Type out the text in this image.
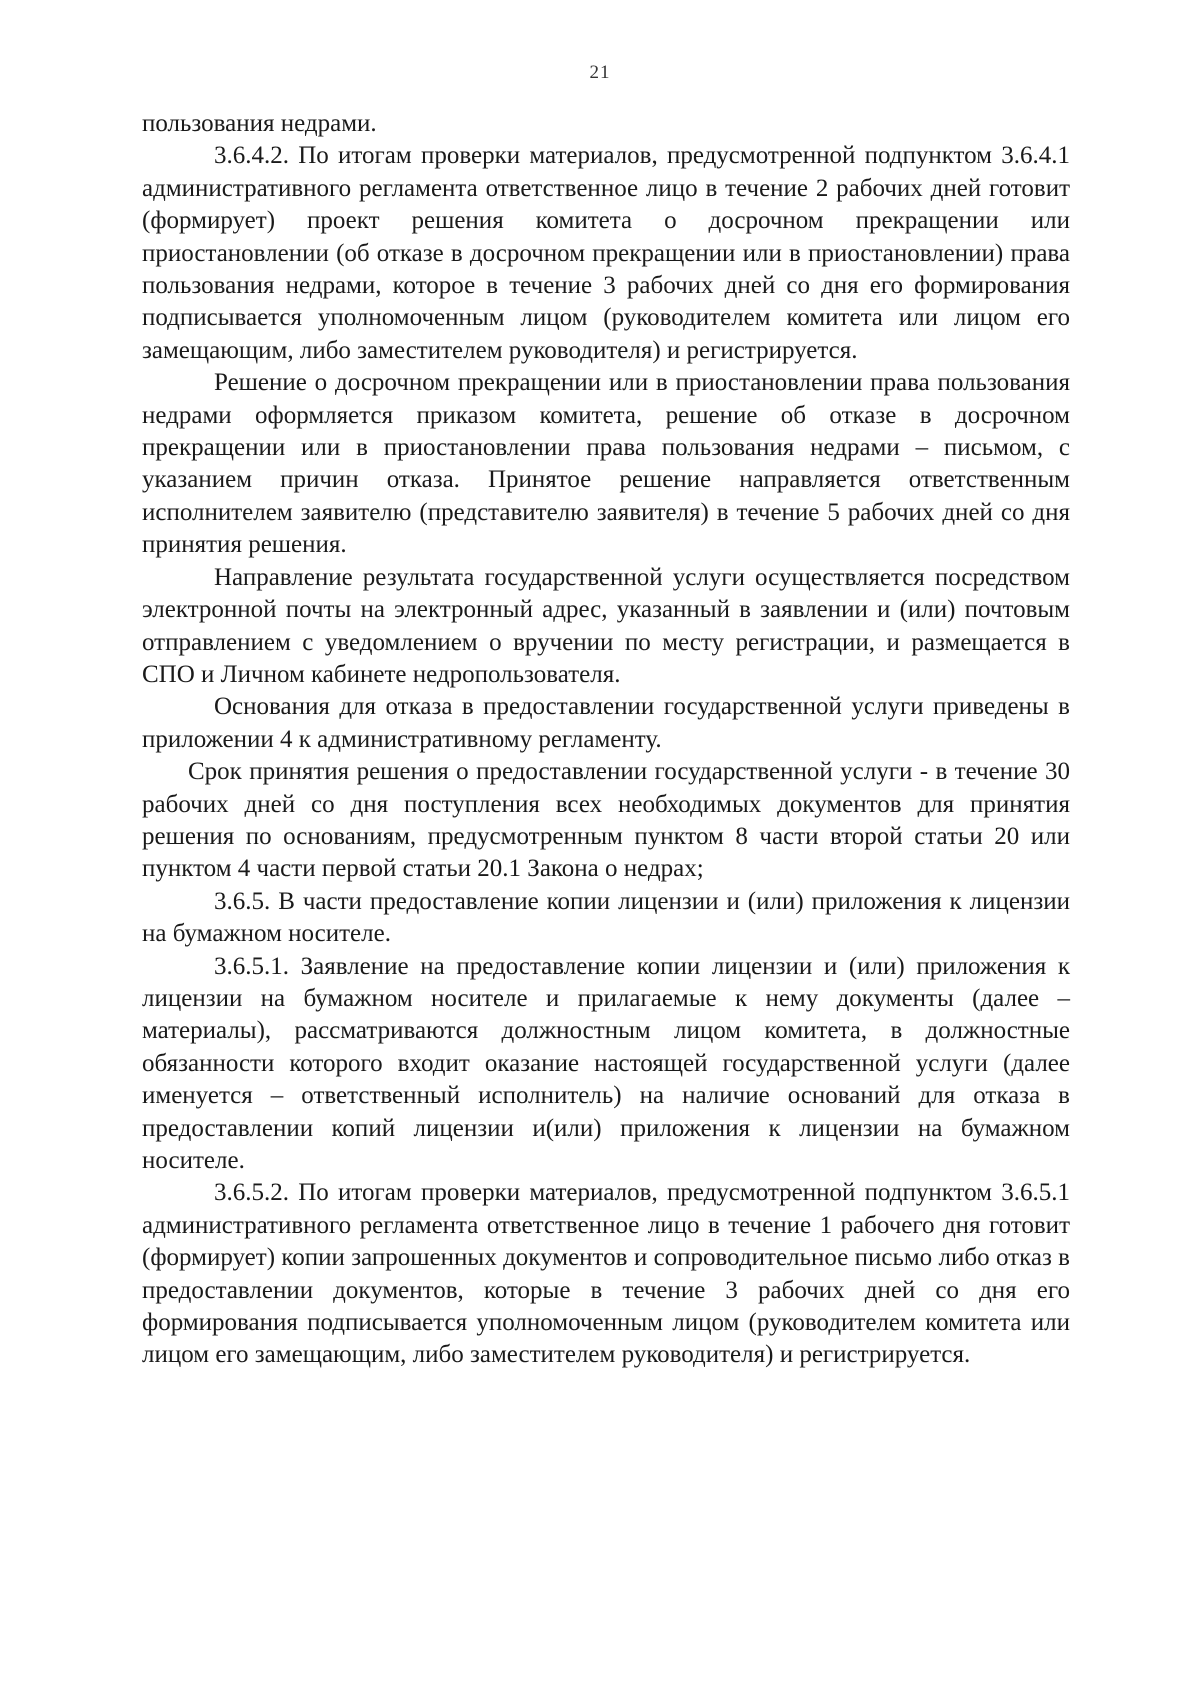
21

пользования недрами.

3.6.4.2. По итогам проверки материалов, предусмотренной подпунктом 3.6.4.1 административного регламента ответственное лицо в течение 2 рабочих дней готовит (формирует) проект решения комитета о досрочном прекращении или приостановлении (об отказе в досрочном прекращении или в приостановлении) права пользования недрами, которое в течение 3 рабочих дней со дня его формирования подписывается уполномоченным лицом (руководителем комитета или лицом его замещающим, либо заместителем руководителя) и регистрируется.

Решение о досрочном прекращении или в приостановлении права пользования недрами оформляется приказом комитета, решение об отказе в досрочном прекращении или в приостановлении права пользования недрами – письмом, с указанием причин отказа. Принятое решение направляется ответственным исполнителем заявителю (представителю заявителя) в течение 5 рабочих дней со дня принятия решения.

Направление результата государственной услуги осуществляется посредством электронной почты на электронный адрес, указанный в заявлении и (или) почтовым отправлением с уведомлением о вручении по месту регистрации, и размещается в СПО и Личном кабинете недропользователя.

Основания для отказа в предоставлении государственной услуги приведены в приложении 4 к административному регламенту.

Срок принятия решения о предоставлении государственной услуги - в течение 30 рабочих дней со дня поступления всех необходимых документов для принятия решения по основаниям, предусмотренным пунктом 8 части второй статьи 20 или пунктом 4 части первой статьи 20.1 Закона о недрах;

3.6.5. В части предоставление копии лицензии и (или) приложения к лицензии на бумажном носителе.

3.6.5.1. Заявление на предоставление копии лицензии и (или) приложения к лицензии на бумажном носителе и прилагаемые к нему документы (далее – материалы), рассматриваются должностным лицом комитета, в должностные обязанности которого входит оказание настоящей государственной услуги (далее именуется – ответственный исполнитель) на наличие оснований для отказа в предоставлении копий лицензии и(или) приложения к лицензии на бумажном носителе.

3.6.5.2. По итогам проверки материалов, предусмотренной подпунктом 3.6.5.1 административного регламента ответственное лицо в течение 1 рабочего дня готовит (формирует) копии запрошенных документов и сопроводительное письмо либо отказ в предоставлении документов, которые в течение 3 рабочих дней со дня его формирования подписывается уполномоченным лицом (руководителем комитета или лицом его замещающим, либо заместителем руководителя) и регистрируется.
